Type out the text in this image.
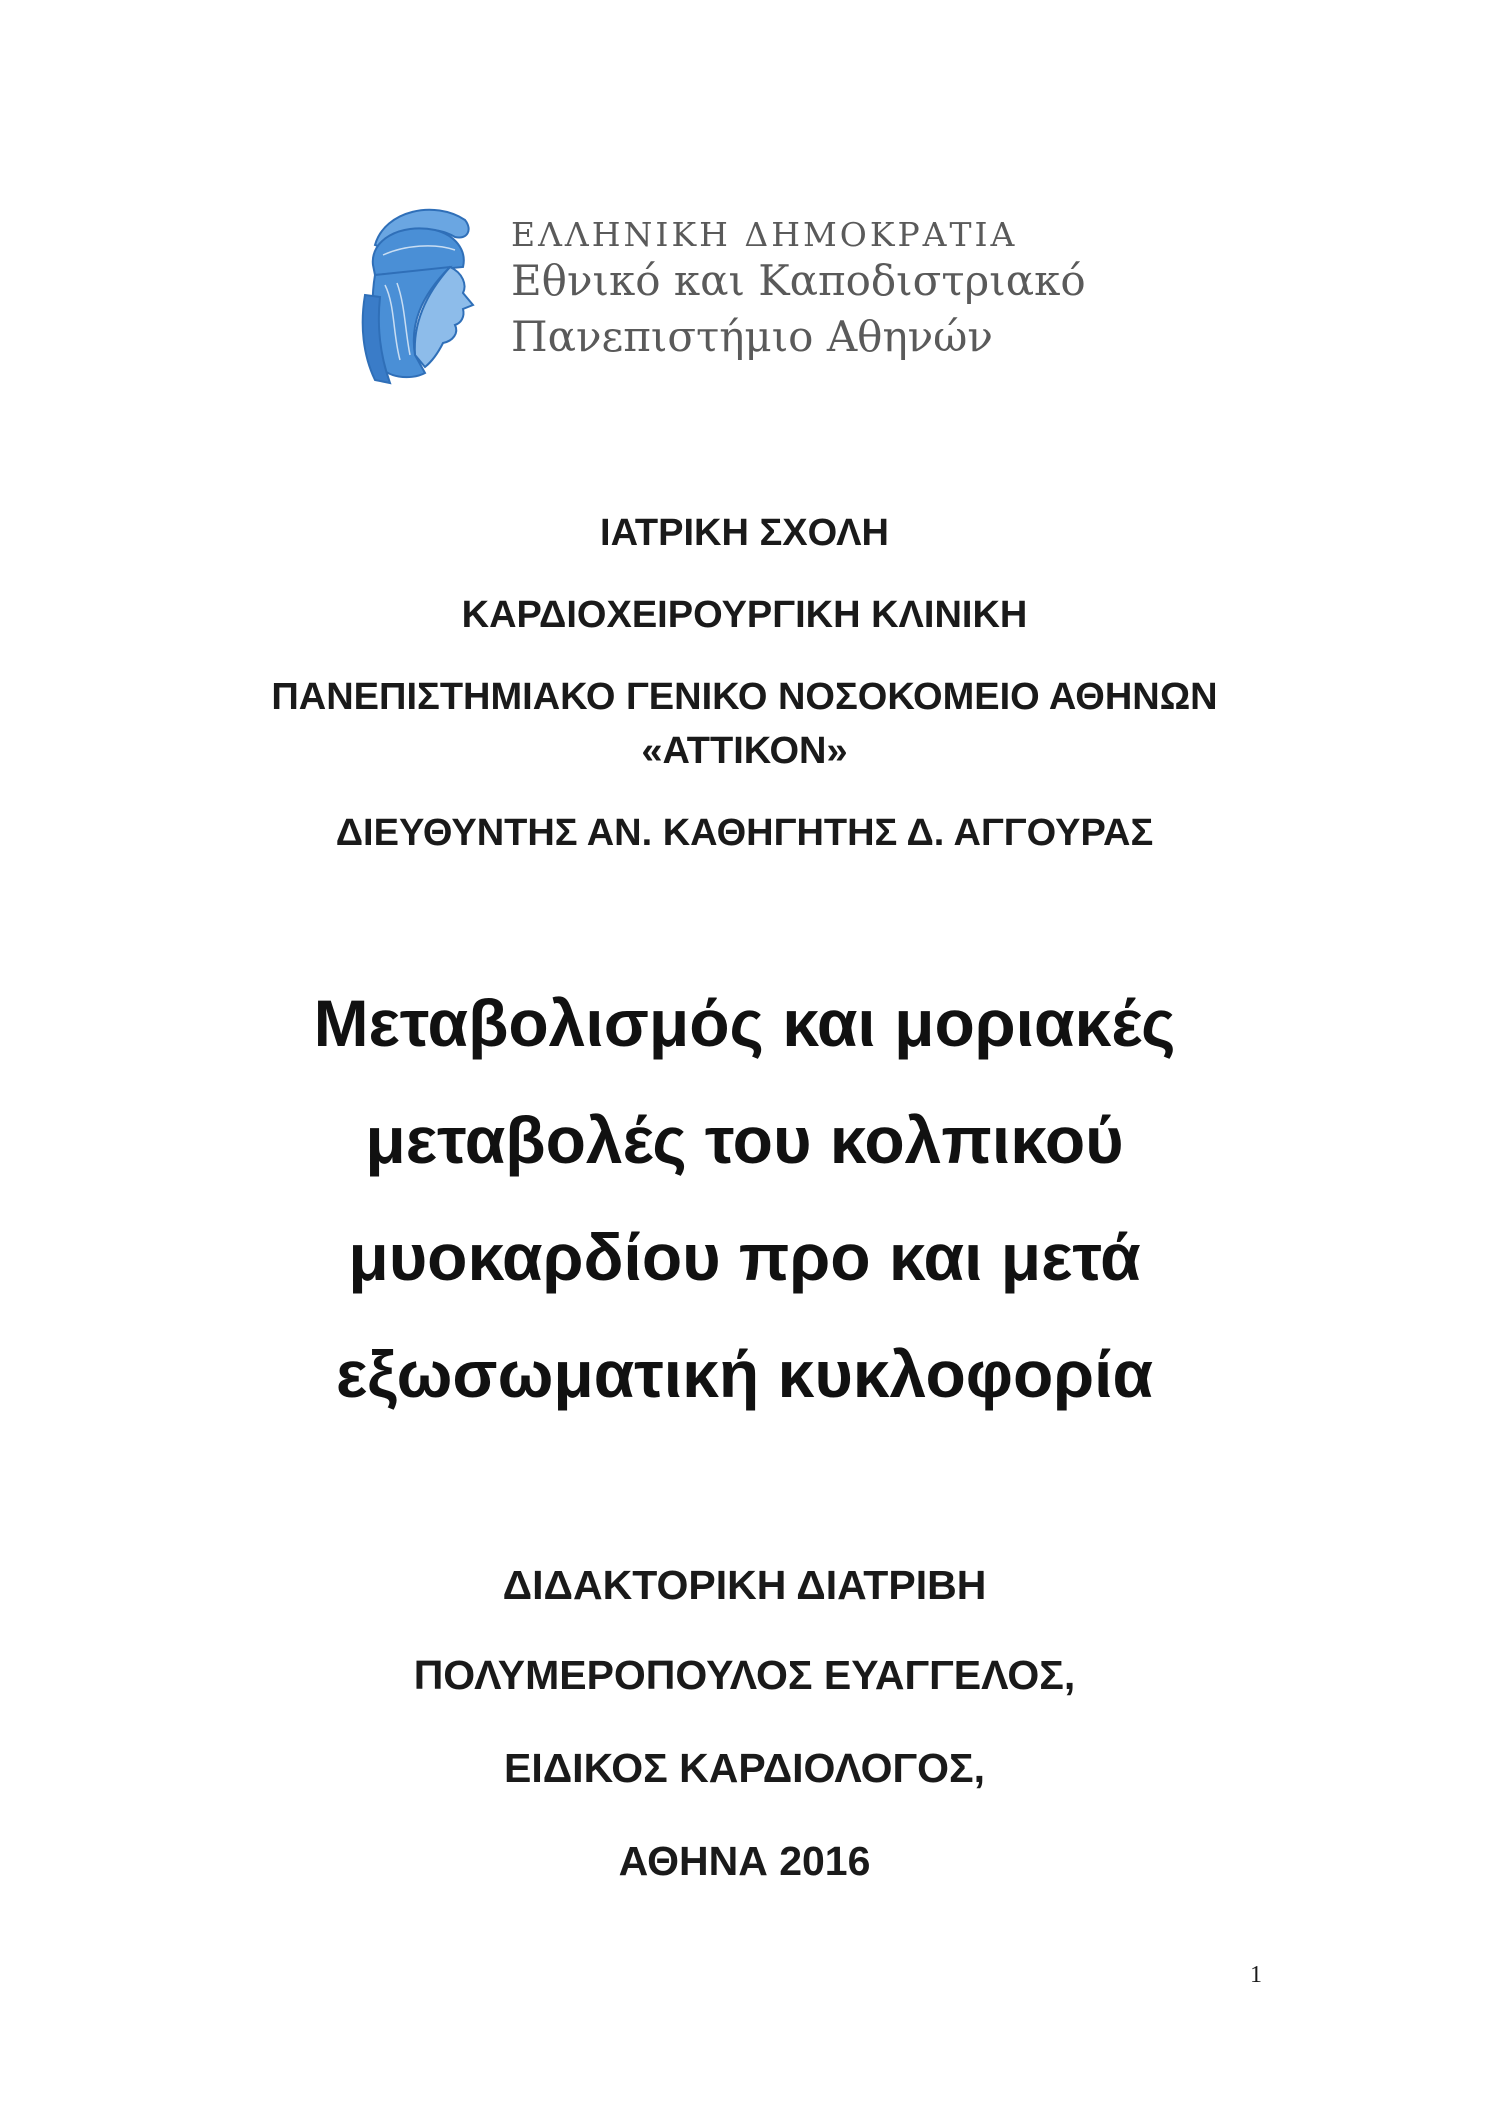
ΕΛΛΗΝΙΚΗ ΔΗΜΟΚΡΑΤΙΑ
Εθνικό και Καποδιστριακό
Πανεπιστήμιο Αθηνών
ΙΑΤΡΙΚΗ ΣΧΟΛΗ
ΚΑΡΔΙΟΧΕΙΡΟΥΡΓΙΚΗ ΚΛΙΝΙΚΗ
ΠΑΝΕΠΙΣΤΗΜΙΑΚΟ ΓΕΝΙΚΟ ΝΟΣΟΚΟΜΕΙΟ ΑΘΗΝΩΝ
«ΑΤΤΙΚΟΝ»
ΔΙΕΥΘΥΝΤΗΣ ΑΝ. ΚΑΘΗΓΗΤΗΣ Δ. ΑΓΓΟΥΡΑΣ
Μεταβολισμός και μοριακές
μεταβολές του κολπικού
μυοκαρδίου προ και μετά
εξωσωματική κυκλοφορία
ΔΙΔΑΚΤΟΡΙΚΗ ΔΙΑΤΡΙΒΗ
ΠΟΛΥΜΕΡΟΠΟΥΛΟΣ ΕΥΑΓΓΕΛΟΣ,
ΕΙΔΙΚΟΣ ΚΑΡΔΙΟΛΟΓΟΣ,
ΑΘΗΝΑ 2016
1
